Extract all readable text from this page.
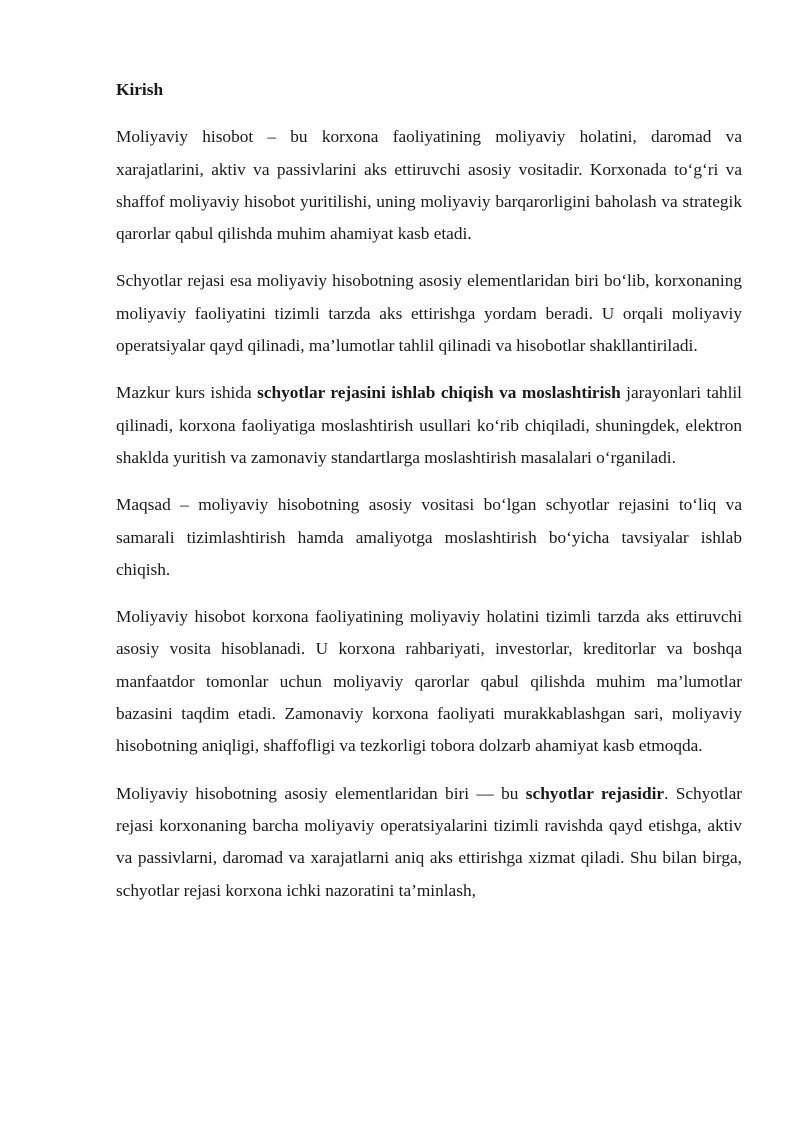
Kirish

Moliyaviy hisobot – bu korxona faoliyatining moliyaviy holatini, daromad va xarajatlarini, aktiv va passivlarini aks ettiruvchi asosiy vositadir. Korxonada to‘g‘ri va shaffof moliyaviy hisobot yuritilishi, uning moliyaviy barqarorligini baholash va strategik qarorlar qabul qilishda muhim ahamiyat kasb etadi.

Schyotlar rejasi esa moliyaviy hisobotning asosiy elementlaridan biri bo‘lib, korxonaning moliyaviy faoliyatini tizimli tarzda aks ettirishga yordam beradi. U orqali moliyaviy operatsiyalar qayd qilinadi, ma’lumotlar tahlil qilinadi va hisobotlar shakllantiriladi.

Mazkur kurs ishida schyotlar rejasini ishlab chiqish va moslashtirish jarayonlari tahlil qilinadi, korxona faoliyatiga moslashtirish usullari ko‘rib chiqiladi, shuningdek, elektron shaklda yuritish va zamonaviy standartlarga moslashtirish masalalari o‘rganiladi.

Maqsad – moliyaviy hisobotning asosiy vositasi bo‘lgan schyotlar rejasini to‘liq va samarali tizimlashtirish hamda amaliyotga moslashtirish bo‘yicha tavsiyalar ishlab chiqish.

Moliyaviy hisobot korxona faoliyatining moliyaviy holatini tizimli tarzda aks ettiruvchi asosiy vosita hisoblanadi. U korxona rahbariyati, investorlar, kreditorlar va boshqa manfaatdor tomonlar uchun moliyaviy qarorlar qabul qilishda muhim ma’lumotlar bazasini taqdim etadi. Zamonaviy korxona faoliyati murakkablashgan sari, moliyaviy hisobotning aniqligi, shaffofligi va tezkorligi tobora dolzarb ahamiyat kasb etmoqda.

Moliyaviy hisobotning asosiy elementlaridan biri — bu schyotlar rejasidir. Schyotlar rejasi korxonaning barcha moliyaviy operatsiyalarini tizimli ravishda qayd etishga, aktiv va passivlarni, daromad va xarajatlarni aniq aks ettirishga xizmat qiladi. Shu bilan birga, schyotlar rejasi korxona ichki nazoratini ta’minlash,
